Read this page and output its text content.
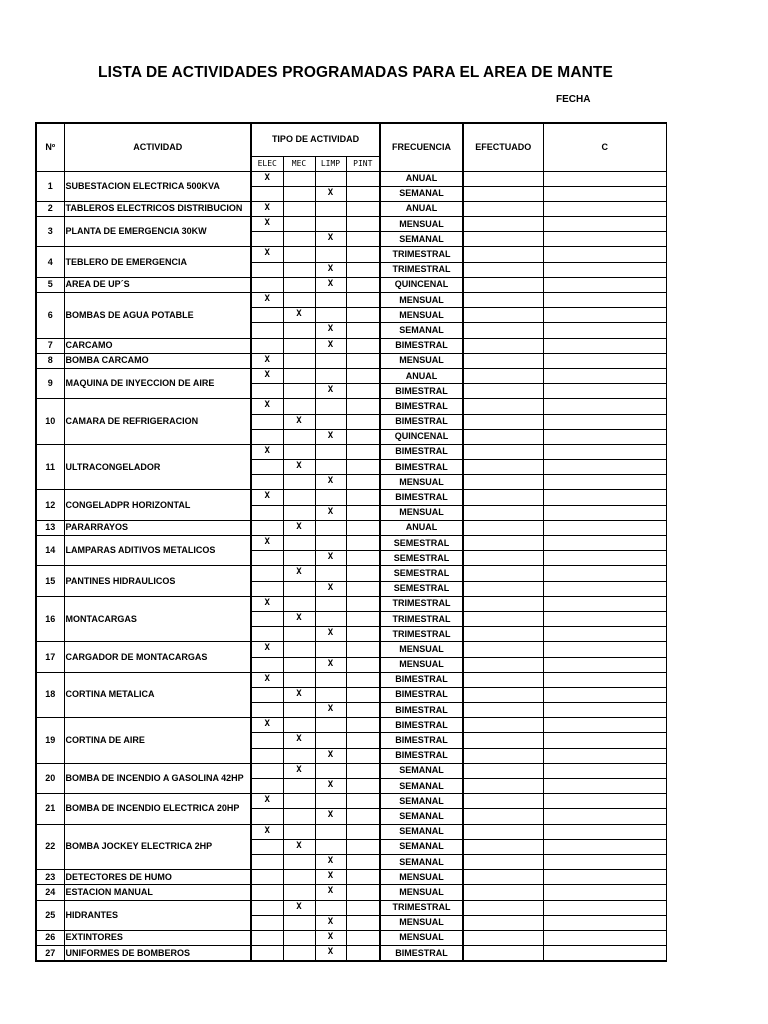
LISTA DE ACTIVIDADES PROGRAMADAS PARA EL AREA DE MANTE
FECHA
Nº	ACTIVIDAD	TIPO DE ACTIVIDAD				FRECUENCIA	EFECTUADO	C
		ELEC	MEC	LIMP	PINT			
1	SUBESTACION ELECTRICA 500KVA	X				ANUAL		
				X		SEMANAL		
2	TABLEROS ELECTRICOS DISTRIBUCION	X				ANUAL		
3	PLANTA DE EMERGENCIA 30KW	X				MENSUAL		
				X		SEMANAL		
4	TEBLERO DE EMERGENCIA	X				TRIMESTRAL		
				X		TRIMESTRAL		
5	AREA DE UP´S			X		QUINCENAL		
6	BOMBAS DE AGUA POTABLE	X				MENSUAL		
			X			MENSUAL		
				X		SEMANAL		
7	CARCAMO			X		BIMESTRAL		
8	BOMBA CARCAMO	X				MENSUAL		
9	MAQUINA DE INYECCION DE AIRE	X				ANUAL		
				X		BIMESTRAL		
10	CAMARA DE REFRIGERACION	X				BIMESTRAL		
			X			BIMESTRAL		
				X		QUINCENAL		
11	ULTRACONGELADOR	X				BIMESTRAL		
			X			BIMESTRAL		
				X		MENSUAL		
12	CONGELADPR HORIZONTAL	X				BIMESTRAL		
				X		MENSUAL		
13	PARARRAYOS		X			ANUAL		
14	LAMPARAS ADITIVOS METALICOS	X				SEMESTRAL		
				X		SEMESTRAL		
15	PANTINES HIDRAULICOS		X			SEMESTRAL		
				X		SEMESTRAL		
16	MONTACARGAS	X				TRIMESTRAL		
			X			TRIMESTRAL		
				X		TRIMESTRAL		
17	CARGADOR DE MONTACARGAS	X				MENSUAL		
				X		MENSUAL		
18	CORTINA METALICA	X				BIMESTRAL		
			X			BIMESTRAL		
				X		BIMESTRAL		
19	CORTINA DE AIRE	X				BIMESTRAL		
			X			BIMESTRAL		
				X		BIMESTRAL		
20	BOMBA DE INCENDIO A GASOLINA 42HP		X			SEMANAL		
				X		SEMANAL		
21	BOMBA DE INCENDIO ELECTRICA 20HP	X				SEMANAL		
				X		SEMANAL		
22	BOMBA JOCKEY ELECTRICA 2HP	X				SEMANAL		
			X			SEMANAL		
				X		SEMANAL		
23	DETECTORES DE HUMO			X		MENSUAL		
24	ESTACION MANUAL			X		MENSUAL		
25	HIDRANTES		X			TRIMESTRAL		
				X		MENSUAL		
26	EXTINTORES			X		MENSUAL		
27	UNIFORMES DE BOMBEROS			X		BIMESTRAL		
